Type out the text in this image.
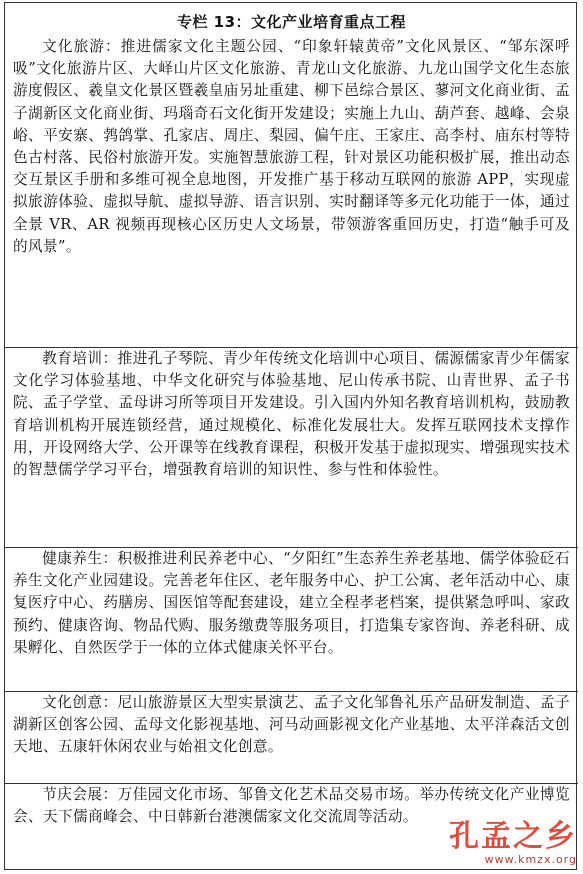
专栏 13：文化产业培育重点工程

文化旅游：推进儒家文化主题公园、“印象轩辕黄帝”文化风景区、“邹东深呼吸”文化旅游片区、大峄山片区文化旅游、青龙山文化旅游、九龙山国学文化生态旅游度假区、羲皇文化景区暨羲皇庙另址重建、柳下邑综合景区、蓼河文化商业街、孟子湖新区文化商业街、玛瑙奇石文化街开发建设；实施上九山、葫芦套、越峰、会泉峪、平安寨、鹁鸽掌、孔家店、周庄、梨园、偏午庄、王家庄、高李村、庙东村等特色古村落、民俗村旅游开发。实施智慧旅游工程，针对景区功能积极扩展，推出动态交互景区手册和多维可视全息地图，开发推广基于移动互联网的旅游 APP，实现虚拟旅游体验、虚拟导航、虚拟导游、语言识别、实时翻译等多元化功能于一体，通过全景 VR、AR 视频再现核心区历史人文场景，带领游客重回历史，打造“触手可及的风景”。

教育培训：推进孔子琴院、青少年传统文化培训中心项目、儒源儒家青少年儒家文化学习体验基地、中华文化研究与体验基地、尼山传承书院、山青世界、孟子书院、孟子学堂、孟母讲习所等项目开发建设。引入国内外知名教育培训机构，鼓励教育培训机构开展连锁经营，通过规模化、标准化发展壮大。发挥互联网技术支撑作用，开设网络大学、公开课等在线教育课程，积极开发基于虚拟现实、增强现实技术的智慧儒学学习平台，增强教育培训的知识性、参与性和体验性。

健康养生：积极推进利民养老中心、“夕阳红”生态养生养老基地、儒学体验砭石养生文化产业园建设。完善老年住区、老年服务中心、护工公寓、老年活动中心、康复医疗中心、药膳房、国医馆等配套建设，建立全程孝老档案，提供紧急呼叫、家政预约、健康咨询、物品代购、服务缴费等服务项目，打造集专家咨询、养老科研、成果孵化、自然医学于一体的立体式健康关怀平台。

文化创意：尼山旅游景区大型实景演艺、孟子文化邹鲁礼乐产品研发制造、孟子湖新区创客公园、孟母文化影视基地、河马动画影视文化产业基地、太平洋森活文创天地、五康轩休闲农业与始祖文化创意。

节庆会展：万佳园文化市场、邹鲁文化艺术品交易市场。举办传统文化产业博览会、天下儒商峰会、中日韩新台港澳儒家文化交流周等活动。

孔孟之乡
www.kmzx.org
